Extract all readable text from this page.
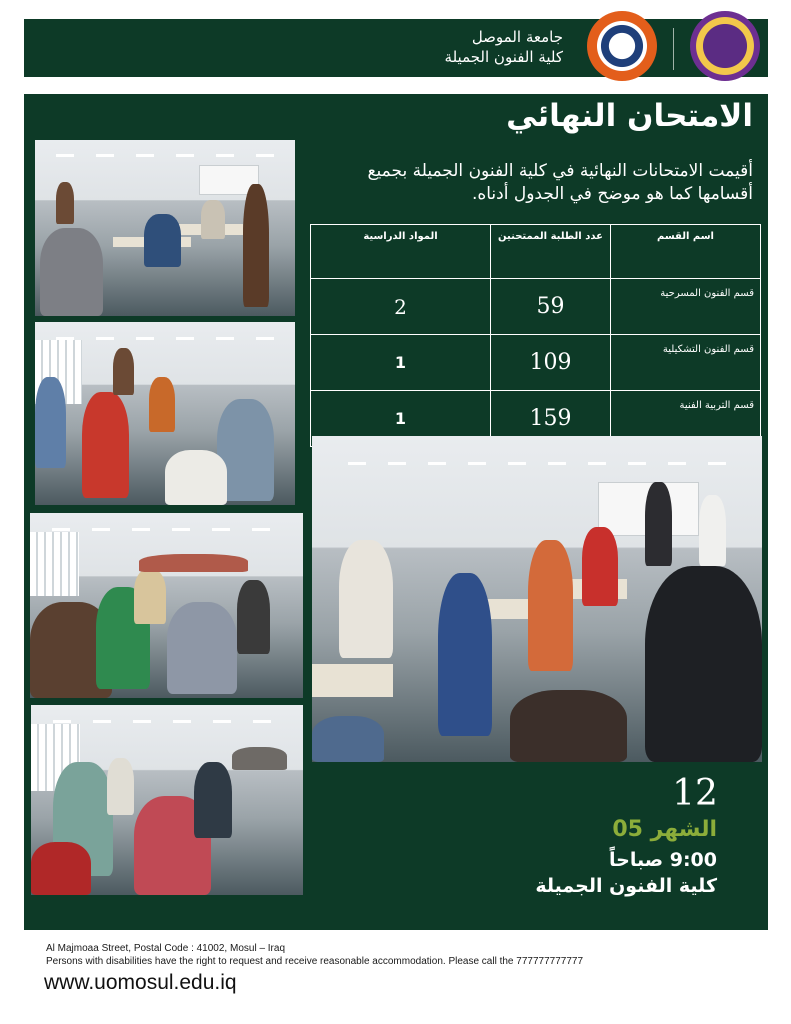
جامعة الموصل
كلية الفنون الجميلة
الامتحان النهائي

أقيمت الامتحانات النهائية في كلية الفنون الجميلة بجميع أقسامها كما هو موضح في الجدول أدناه.

اسم القسم	عدد الطلبة الممتحنين	المواد الدراسية
قسم الفنون المسرحية	59	2
قسم الفنون التشكيلية	109	1
قسم التربية الفنية	159	1
12
الشهر 05
9:00 صباحاً
كلية الفنون الجميلة
Al Majmoaa Street, Postal Code : 41002, Mosul – Iraq
Persons with disabilities have the right to request and receive reasonable accommodation. Please call the 777777777777
www.uomosul.edu.iq
